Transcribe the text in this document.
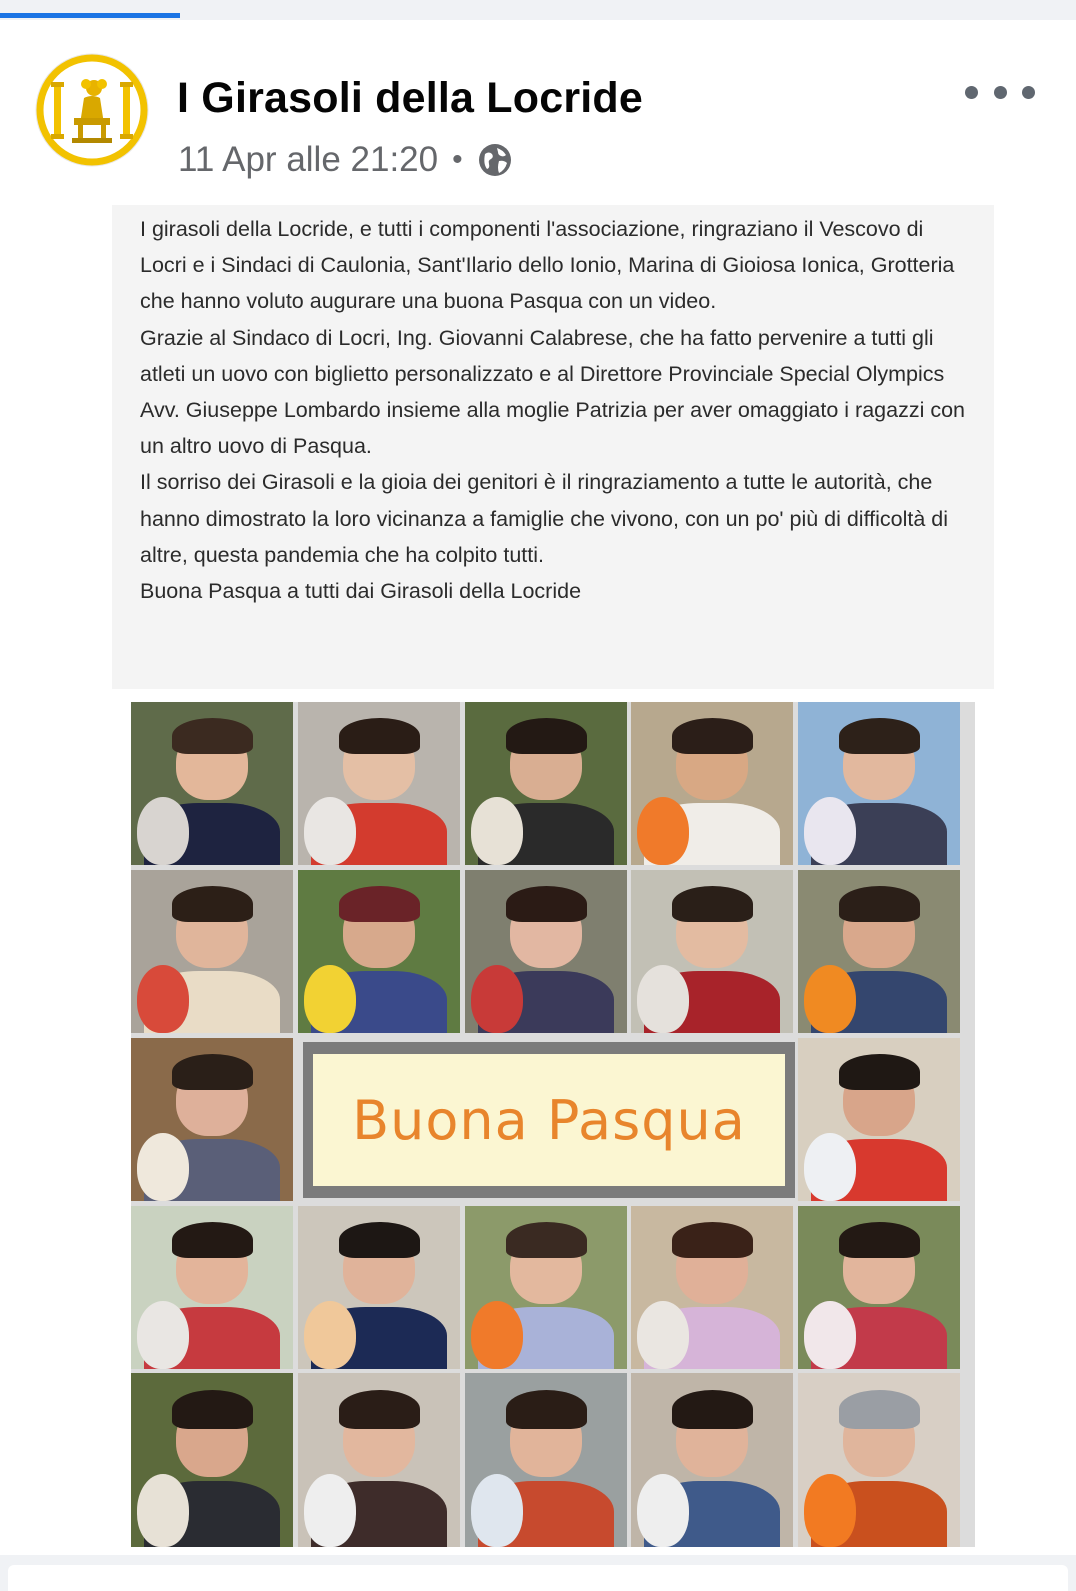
I Girasoli della Locride
11 Apr alle 21:20 •

I girasoli della Locride, e tutti i componenti l'associazione, ringraziano il Vescovo di Locri e i Sindaci di Caulonia, Sant'Ilario dello Ionio, Marina di Gioiosa Ionica, Grotteria che hanno voluto augurare una buona Pasqua con un video.

Grazie al Sindaco di Locri, Ing. Giovanni Calabrese, che ha fatto pervenire a tutti gli atleti un uovo con biglietto personalizzato e al Direttore Provinciale Special Olympics Avv. Giuseppe Lombardo insieme alla moglie Patrizia per aver omaggiato i ragazzi con un altro uovo di Pasqua.

Il sorriso dei Girasoli e la gioia dei genitori è il ringraziamento a tutte le autorità, che hanno dimostrato la loro vicinanza a famiglie che vivono, con un po' più di difficoltà di altre, questa pandemia che ha colpito tutti.

Buona Pasqua a tutti dai Girasoli della Locride

Buona Pasqua
